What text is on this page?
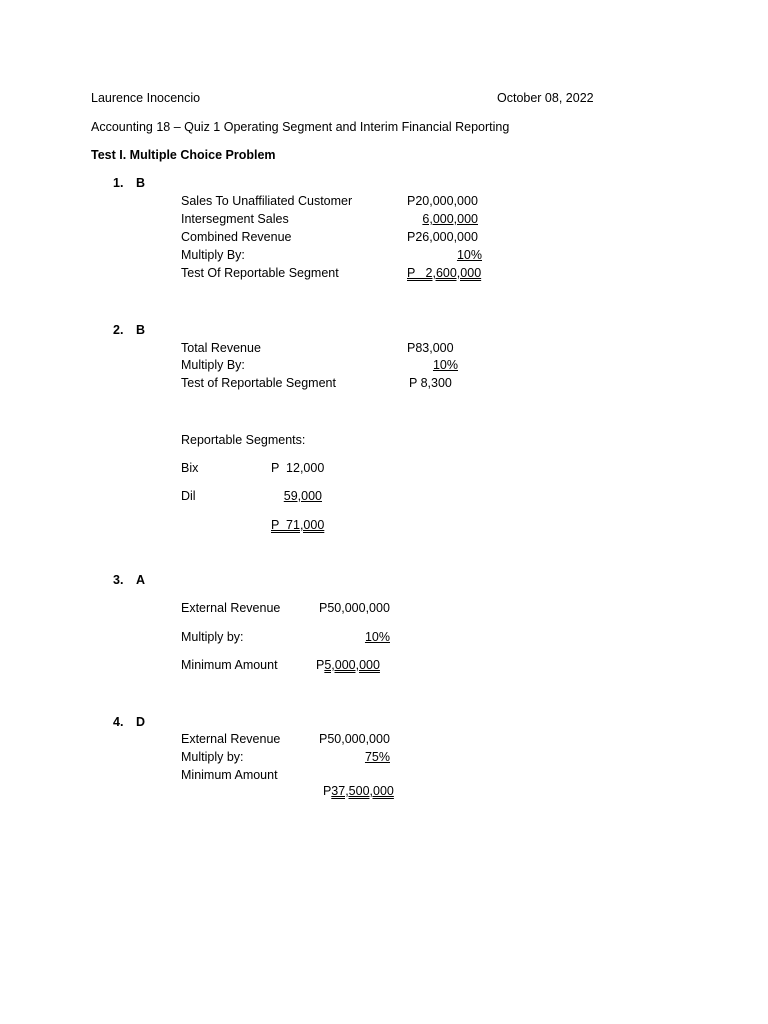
Laurence Inocencio	October 08, 2022
Accounting 18 – Quiz 1 Operating Segment and Interim Financial Reporting
Test I. Multiple Choice Problem
1. B
Sales To Unaffiliated Customer	P20,000,000
Intersegment Sales	6,000,000
Combined Revenue	P26,000,000
Multiply By:	10%
Test Of Reportable Segment	P   2,600,000
2. B
Total Revenue	P83,000
Multiply By:	10%
Test of Reportable Segment	P 8,300
Reportable Segments:
Bix	P  12,000
Dil	59,000
P  71,000
3. A
External Revenue	P50,000,000
Multiply by:	10%
Minimum Amount	P5,000,000
4. D
External Revenue	P50,000,000
Multiply by:	75%
Minimum Amount

P37,500,000
